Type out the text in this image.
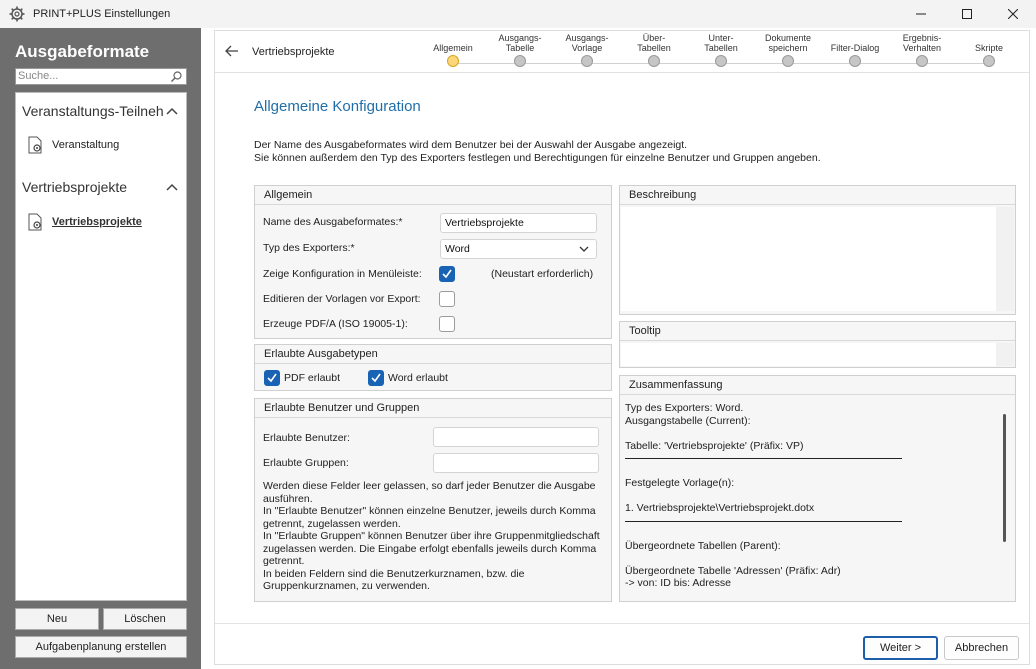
PRINT+PLUS Einstellungen
Ausgabeformate
Suche...
Veranstaltungs-Teilneh
Veranstaltung
Vertriebsprojekte
Vertriebsprojekte
Neu	Löschen
Aufgabenplanung erstellen
Vertriebsprojekte	Allgemein
Ausgangs-
Tabelle
Ausgangs-
Vorlage
Über-
Tabellen
Unter-
Tabellen
Dokumente
speichern	Filter-Dialog
Ergebnis-
Verhalten	Skripte
Allgemeine Konfiguration
Der Name des Ausgabeformates wird dem Benutzer bei der Auswahl der Ausgabe angezeigt.
Sie können außerdem den Typ des Exporters festlegen und Berechtigungen für einzelne Benutzer und Gruppen angeben.
Allgemein
Name des Ausgabeformates:*	Vertriebsprojekte
Typ des Exporters:*	Word
Zeige Konfiguration in Menüleiste:	(Neustart erforderlich)
Editieren der Vorlagen vor Export:
Erzeuge PDF/A (ISO 19005-1):
Erlaubte Ausgabetypen
PDF erlaubt	Word erlaubt
Erlaubte Benutzer und Gruppen
Erlaubte Benutzer:
Erlaubte Gruppen:
Werden diese Felder leer gelassen, so darf jeder Benutzer die Ausgabe
ausführen.
In "Erlaubte Benutzer" können einzelne Benutzer, jeweils durch Komma
getrennt, zugelassen werden.
In "Erlaubte Gruppen" können Benutzer über ihre Gruppenmitgliedschaft
zugelassen werden. Die Eingabe erfolgt ebenfalls jeweils durch Komma
getrennt.
In beiden Feldern sind die Benutzerkurznamen, bzw. die
Gruppenkurznamen, zu verwenden.
Beschreibung
Tooltip
Zusammenfassung
Typ des Exporters: Word.
Ausgangstabelle (Current):
Tabelle: 'Vertriebsprojekte' (Präfix: VP)
Festgelegte Vorlage(n):
1. Vertriebsprojekte\Vertriebsprojekt.dotx
Übergeordnete Tabellen (Parent):
Übergeordnete Tabelle 'Adressen' (Präfix: Adr)
-> von: ID bis: Adresse
Weiter >	Abbrechen
